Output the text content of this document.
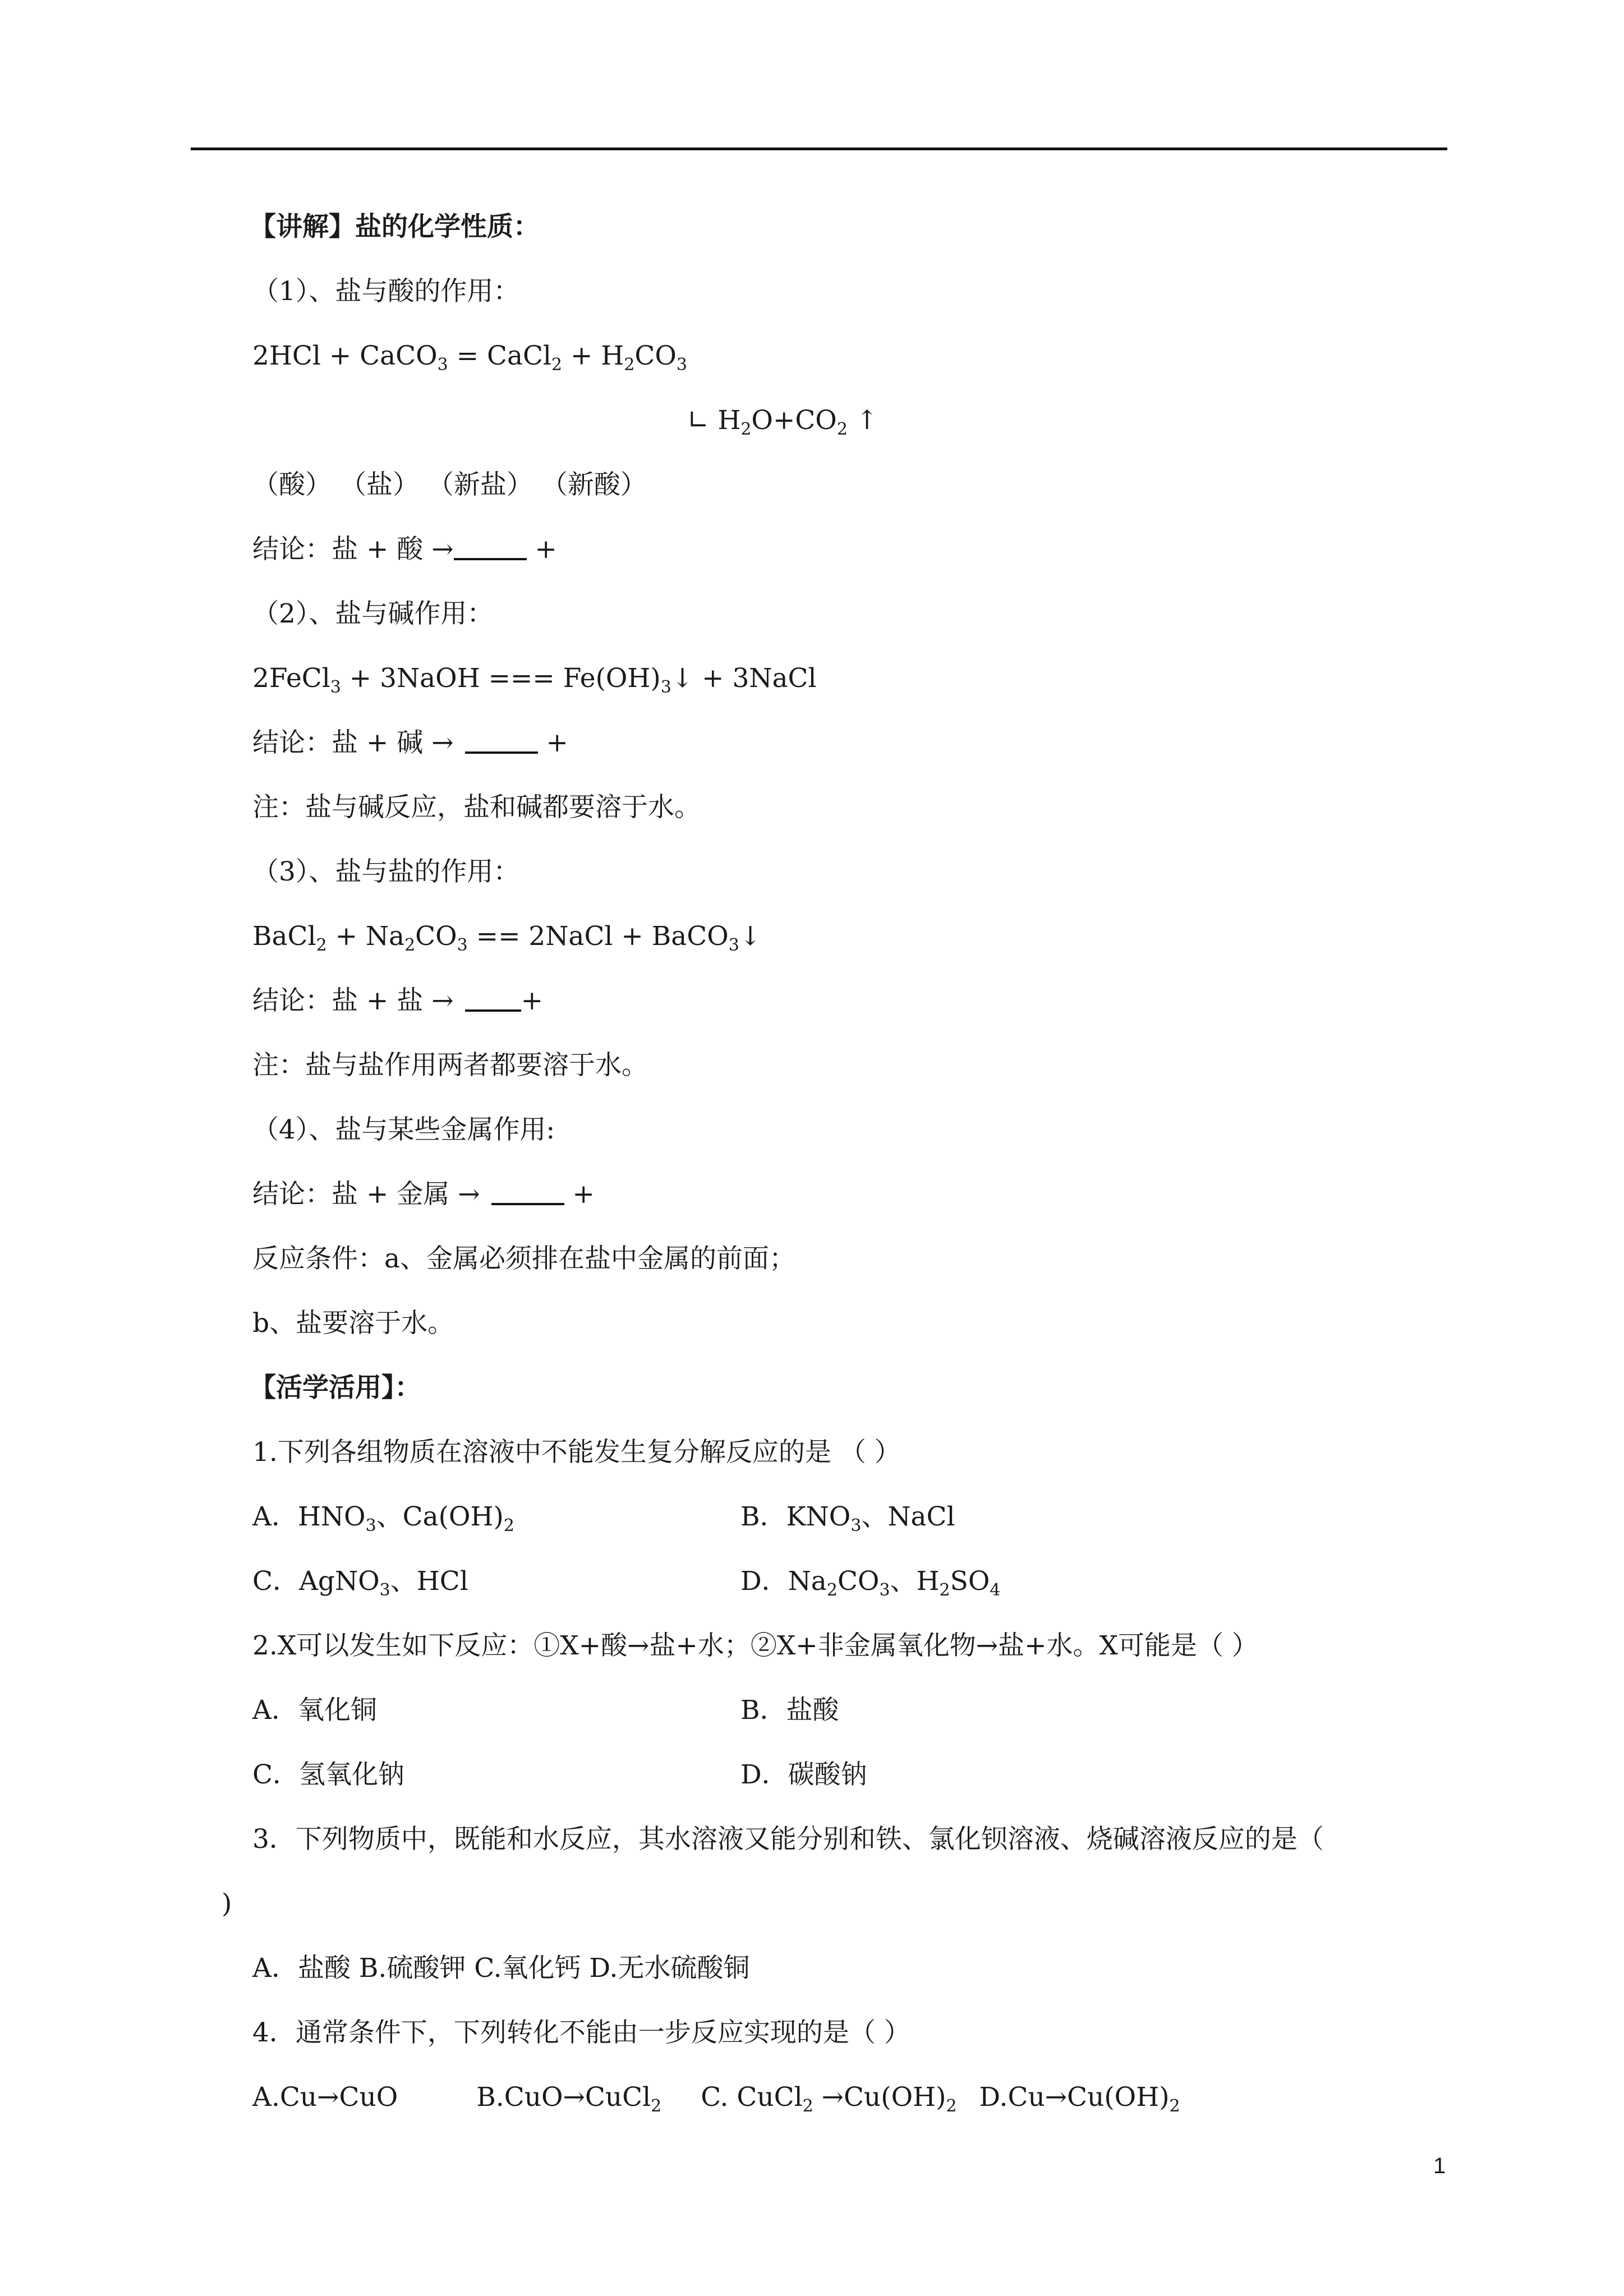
【讲解】盐的化学性质：
（1）、盐与酸的作用：
2HCl + CaCO$_3$ = CaCl$_2$ + $H_2CO_3$
∟ $H_2O+CO_2$ ↑
（酸） （盐） （新盐） （新酸）
结论：盐 + 酸 →	+
（2）、盐与碱作用：
2FeCl$_3$ + 3NaOH === $Fe(OH)_3↓$ + 3NaCl
结论：盐 + 碱 →	+
注：盐与碱反应，盐和碱都要溶于水。
（3）、盐与盐的作用：
BaCl$_2$ + $Na_2CO_3$ == 2NaCl + BaCO$_3$↓
结论：盐 + 盐 →	+
注：盐与盐作用两者都要溶于水。
（4）、盐与某些金属作用:
结论：盐 + 金属 →	+
反应条件：a、金属必须排在盐中金属的前面；
b、盐要溶于水。
【活学活用】：
1.下列各组物质在溶液中不能发生复分解反应的是 （ ）
A．$HNO_3$、$Ca(OH)_2$	B．$KNO_3$、NaCl
C．AgNO$_3$、HCl	D．$Na_2CO_3$、$H_2SO_4$
2.X可以发生如下反应：①X+酸→盐+水；②X+非金属氧化物→盐+水。X可能是（ ）
A．氧化铜	B．盐酸
C．氢氧化钠	D．碳酸钠
3．下列物质中，既能和水反应，其水溶液又能分别和铁、氯化钡溶液、烧碱溶液反应的是（
)
A．盐酸 B.硫酸钾 C.氧化钙 D.无水硫酸铜
4．通常条件下，下列转化不能由一步反应实现的是（ ）
A.Cu→CuO	B.CuO→CuCl$_2$ C. CuCl$_2$ $\to Cu(OH)_2$ $D.Cu\to Cu(OH)_2$
1
